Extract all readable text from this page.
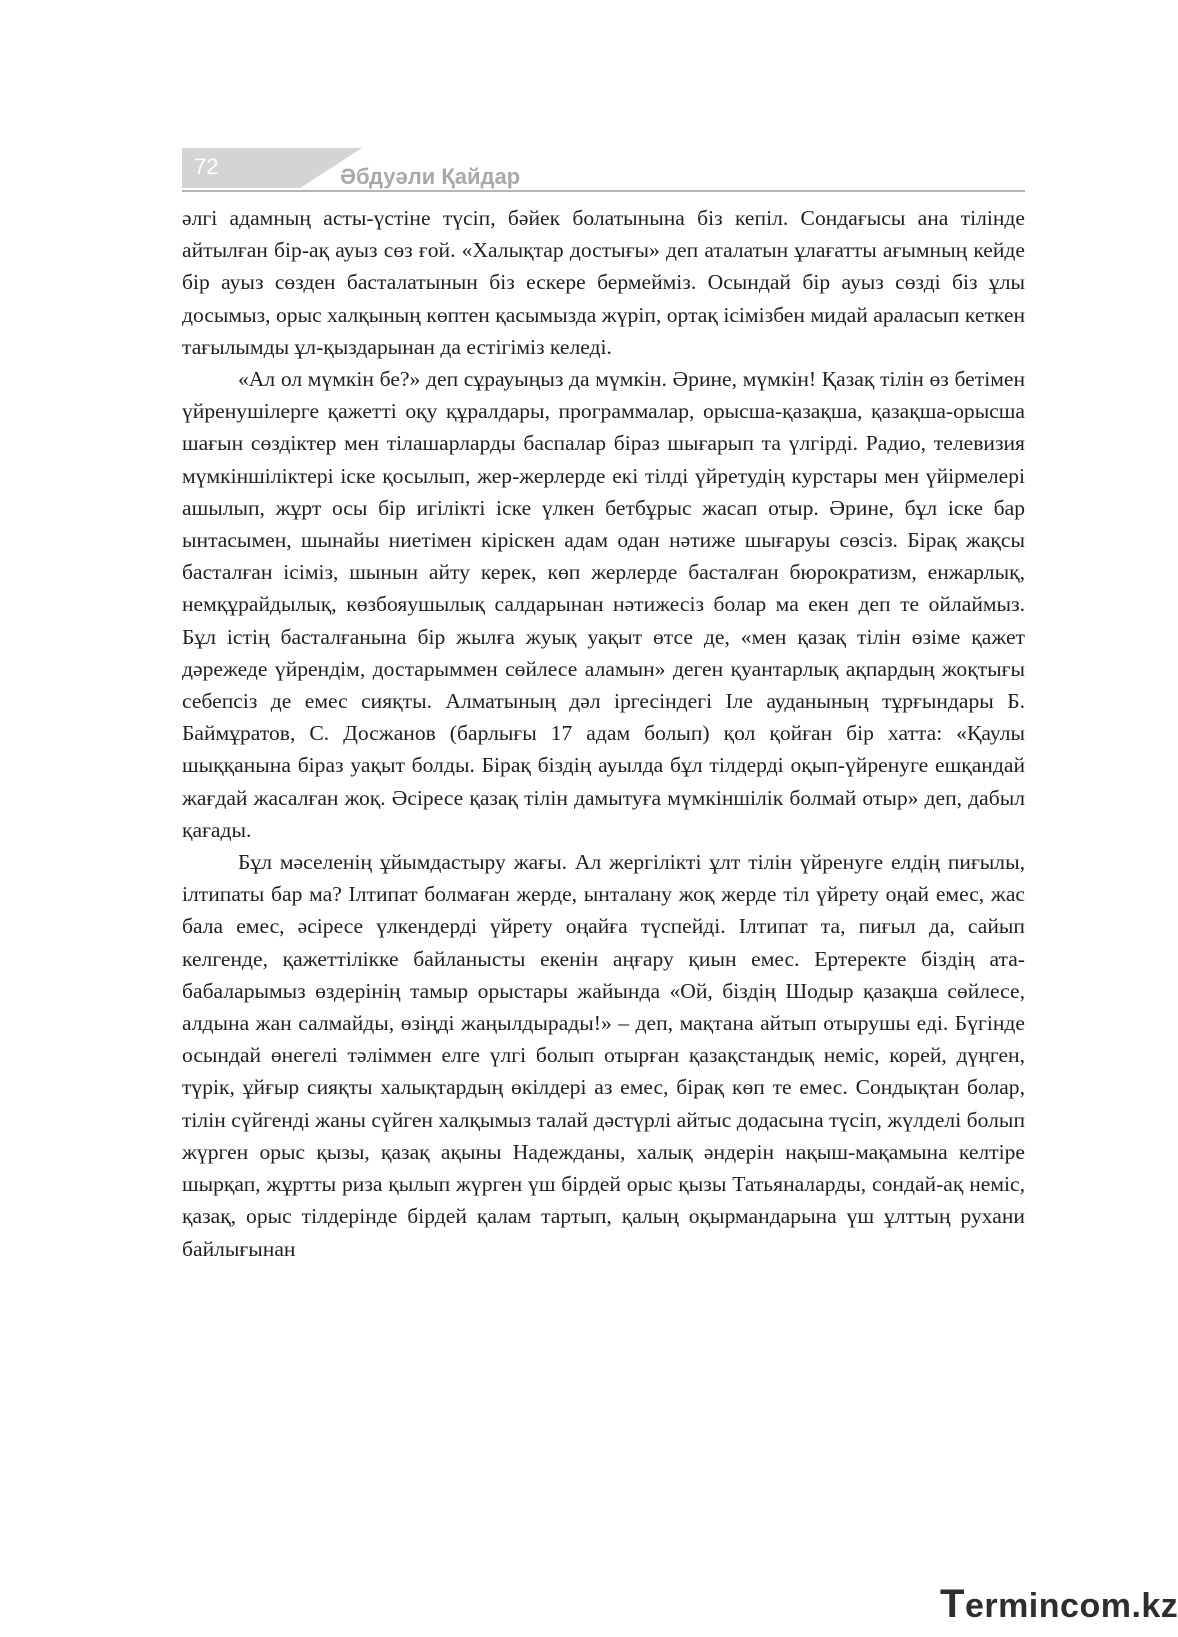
72	Әбдуәли Қайдар

әлгі адамның асты-үстіне түсіп, бәйек болатынына біз кепіл. Сондағысы ана тілінде айтылған бір-ақ ауыз сөз ғой. «Халықтар достығы» деп аталатын ұлағатты ағымның кейде бір ауыз сөзден басталатынын біз ескере бермейміз. Осындай бір ауыз сөзді біз ұлы досымыз, орыс халқының көптен қасымызда жүріп, ортақ ісімізбен мидай араласып кеткен тағылымды ұл-қыздарынан да естігіміз келеді.

«Ал ол мүмкін бе?» деп сұрауыңыз да мүмкін. Әрине, мүмкін! Қазақ тілін өз бетімен үйренушілерге қажетті оқу құралдары, программалар, орысша-қазақша, қазақша-орысша шағын сөздіктер мен тілашарларды баспалар біраз шығарып та үлгірді. Радио, телевизия мүмкіншіліктері іске қосылып, жер-жерлерде екі тілді үйретудің курстары мен үйірмелері ашылып, жұрт осы бір игілікті іске үлкен бетбұрыс жасап отыр. Әрине, бұл іске бар ынтасымен, шынайы ниетімен кіріскен адам одан нәтиже шығаруы сөзсіз. Бірақ жақсы басталған ісіміз, шынын айту керек, көп жерлерде басталған бюрократизм, енжарлық, немқұрайдылық, көзбояушылық салдарынан нәтижесіз болар ма екен деп те ойлаймыз. Бұл істің басталғанына бір жылға жуық уақыт өтсе де, «мен қазақ тілін өзіме қажет дәрежеде үйрендім, достарыммен сөйлесе аламын» деген қуантарлық ақпардың жоқтығы себепсіз де емес сияқты. Алматының дәл іргесіндегі Іле ауданының тұрғындары Б. Баймұратов, С. Досжанов (барлығы 17 адам болып) қол қойған бір хатта: «Қаулы шыққанына біраз уақыт болды. Бірақ біздің ауылда бұл тілдерді оқып-үйренуге ешқандай жағдай жасалған жоқ. Әсіресе қазақ тілін дамытуға мүмкіншілік болмай отыр» деп, дабыл қағады.

Бұл мәселенің ұйымдастыру жағы. Ал жергілікті ұлт тілін үйренуге елдің пиғылы, ілтипаты бар ма? Ілтипат болмаған жерде, ынталану жоқ жерде тіл үйрету оңай емес, жас бала емес, әсіресе үлкендерді үйрету оңайға түспейді. Ілтипат та, пиғыл да, сайып келгенде, қажеттілікке байланысты екенін аңғару қиын емес. Ертеректе біздің ата-бабаларымыз өздерінің тамыр орыстары жайында «Ой, біздің Шодыр қазақша сөйлесе, алдына жан салмайды, өзіңді жаңылдырады!» – деп, мақтана айтып отырушы еді. Бүгінде осындай өнегелі тәліммен елге үлгі болып отырған қазақстандық неміс, корей, дүңген, түрік, ұйғыр сияқты халықтардың өкілдері аз емес, бірақ көп те емес. Сондықтан болар, тілін сүйгенді жаны сүйген халқымыз талай дәстүрлі айтыс додасына түсіп, жүлделі болып жүрген орыс қызы, қазақ ақыны Надежданы, халық әндерін нақыш-мақамына келтіре шырқап, жұртты риза қылып жүрген үш бірдей орыс қызы Татьяналарды, сондай-ақ неміс, қазақ, орыс тілдерінде бірдей қалам тартып, қалың оқырмандарына үш ұлттың рухани байлығынан

Termincom.kz
